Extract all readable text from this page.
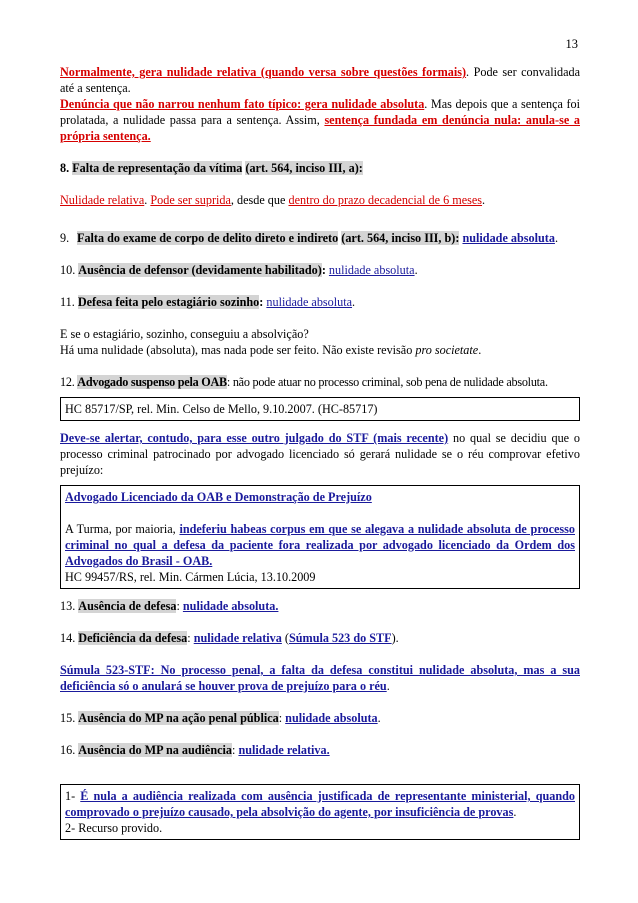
13

Normalmente, gera nulidade relativa (quando versa sobre questões formais). Pode ser convalidada até a sentença.

Denúncia que não narrou nenhum fato típico: gera nulidade absoluta. Mas depois que a sentença foi prolatada, a nulidade passa para a sentença. Assim, sentença fundada em denúncia nula: anula-se a própria sentença.

8. Falta de representação da vítima (art. 564, inciso III, a):

Nulidade relativa. Pode ser suprida, desde que dentro do prazo decadencial de 6 meses.

9. Falta do exame de corpo de delito direto e indireto (art. 564, inciso III, b): nulidade absoluta.

10. Ausência de defensor (devidamente habilitado): nulidade absoluta.

11. Defesa feita pelo estagiário sozinho: nulidade absoluta.

E se o estagiário, sozinho, conseguiu a absolvição?

Há uma nulidade (absoluta), mas nada pode ser feito. Não existe revisão pro societate.

12. Advogado suspenso pela OAB: não pode atuar no processo criminal, sob pena de nulidade absoluta.

HC 85717/SP, rel. Min. Celso de Mello, 9.10.2007. (HC-85717)

Deve-se alertar, contudo, para esse outro julgado do STF (mais recente) no qual se decidiu que o processo criminal patrocinado por advogado licenciado só gerará nulidade se o réu comprovar efetivo prejuízo:

Advogado Licenciado da OAB e Demonstração de Prejuízo

A Turma, por maioria, indeferiu habeas corpus em que se alegava a nulidade absoluta de processo criminal no qual a defesa da paciente fora realizada por advogado licenciado da Ordem dos Advogados do Brasil - OAB.

HC 99457/RS, rel. Min. Cármen Lúcia, 13.10.2009

13. Ausência de defesa: nulidade absoluta.

14. Deficiência da defesa: nulidade relativa (Súmula 523 do STF).

Súmula 523-STF: No processo penal, a falta da defesa constitui nulidade absoluta, mas a sua deficiência só o anulará se houver prova de prejuízo para o réu.

15. Ausência do MP na ação penal pública: nulidade absoluta.

16. Ausência do MP na audiência: nulidade relativa.

1- É nula a audiência realizada com ausência justificada de representante ministerial, quando comprovado o prejuízo causado, pela absolvição do agente, por insuficiência de provas.

2- Recurso provido.
